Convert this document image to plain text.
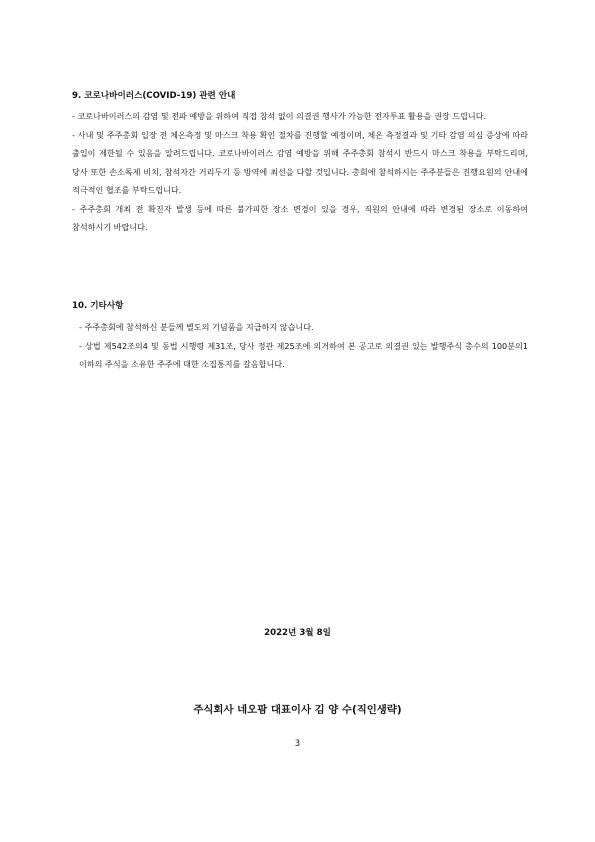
9. 코로나바이러스(COVID-19) 관련 안내

- 코로나바이러스의 감염 및 전파 예방을 위하여 직접 참석 없이 의결권 행사가 가능한 전자투표 활용을 권장 드립니다.

- 사내 및 주주총회 입장 전 체온측정 및 마스크 착용 확인 절차를 진행할 예정이며, 체온 측정결과 및 기타 감염 의심 증상에 따라 출입이 제한될 수 있음을 알려드립니다. 코로나바이러스 감염 예방을 위해 주주총회 참석시 반드시 마스크 착용을 부탁드리며, 당사 또한 손소독제 비치, 참석자간 거리두기 등 방역에 최선을 다할 것입니다. 총회에 참석하시는 주주분들은 진행요원의 안내에 적극적인 협조를 부탁드립니다.

- 주주총회 개최 전 확진자 발생 등에 따른 불가피한 장소 변경이 있을 경우, 직원의 안내에 따라 변경된 장소로 이동하여 참석하시기 바랍니다.

10. 기타사항

- 주주총회에 참석하신 분들께 별도의 기념품을 지급하지 않습니다.

- 상법 제542조의4 및 동법 시행령 제31조, 당사 정관 제25조에 의거하여 본 공고로 의결권 있는 발행주식 총수의 100분의1 이하의 주식을 소유한 주주에 대한 소집통지를 갈음합니다.

2022년 3월 8일
주식회사 네오팜 대표이사 김 양 수(직인생략)
3
